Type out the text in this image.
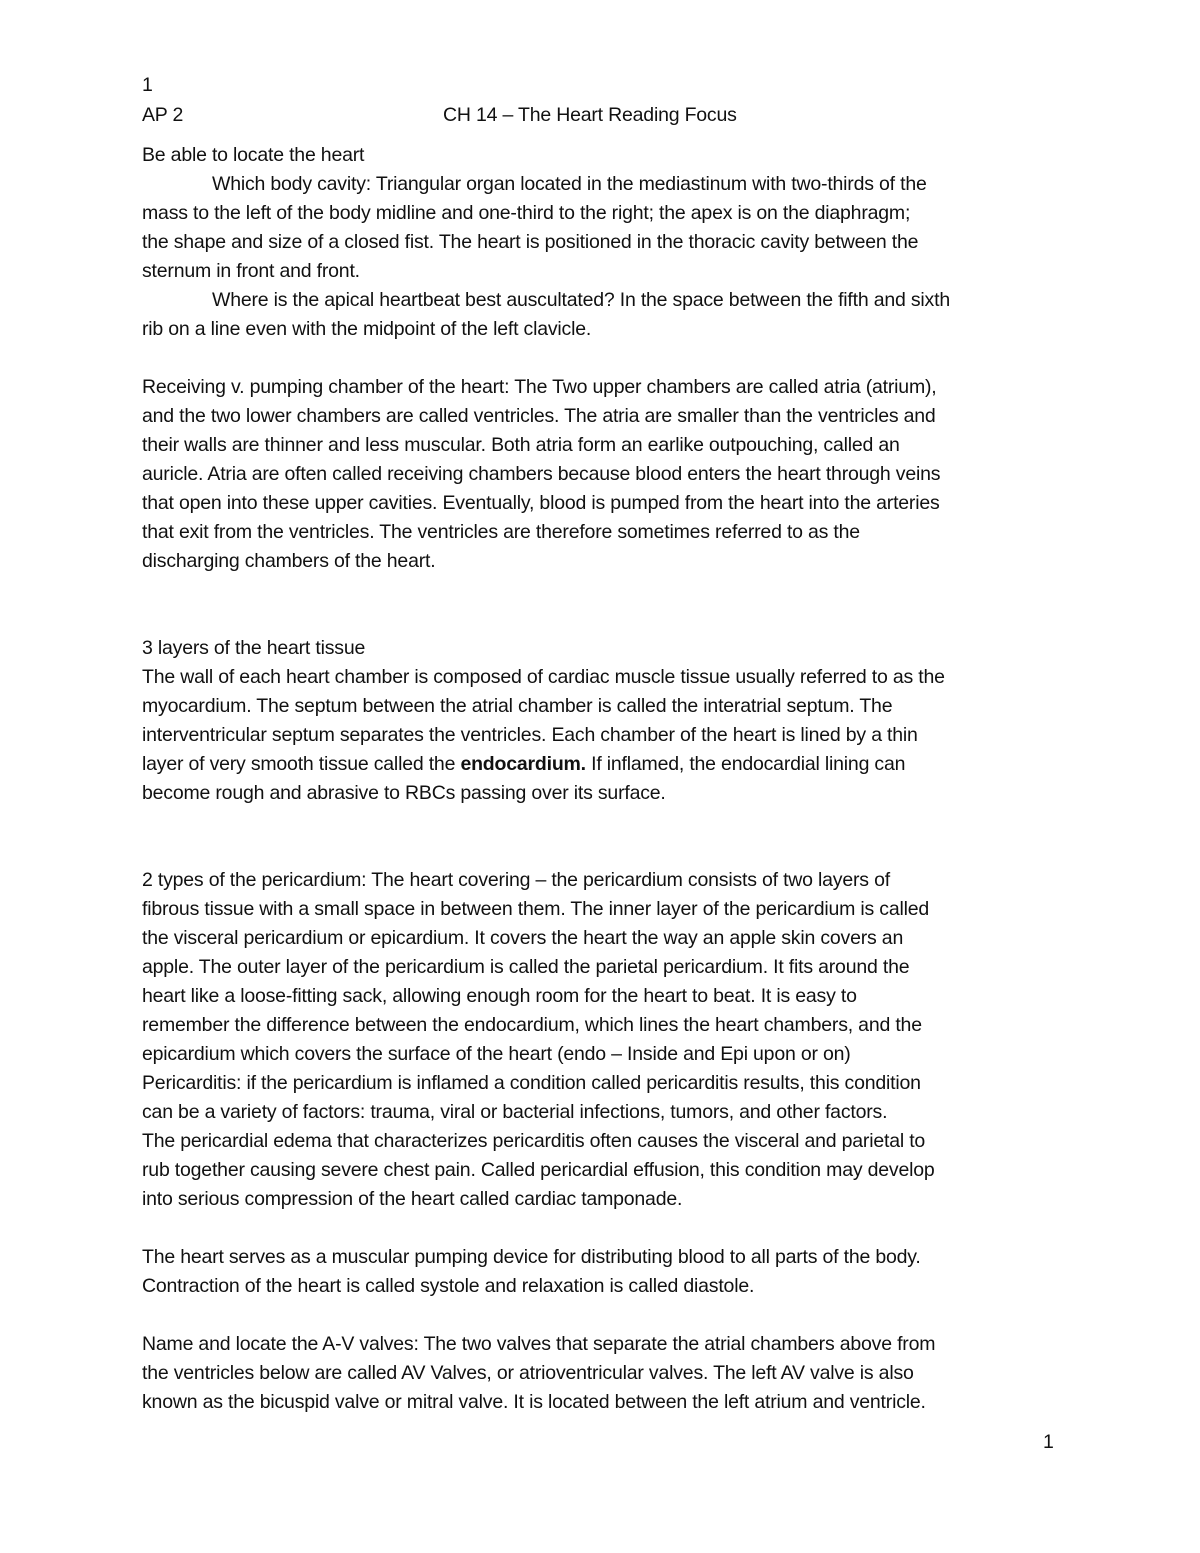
1
AP 2	CH 14 – The Heart Reading Focus
Be able to locate the heart
Which body cavity: Triangular organ located in the mediastinum with two-thirds of the
mass to the left of the body midline and one-third to the right; the apex is on the diaphragm;
the shape and size of a closed fist. The heart is positioned in the thoracic cavity between the
sternum in front and front.
Where is the apical heartbeat best auscultated? In the space between the fifth and sixth
rib on a line even with the midpoint of the left clavicle.
Receiving v. pumping chamber of the heart: The Two upper chambers are called atria (atrium),
and the two lower chambers are called ventricles. The atria are smaller than the ventricles and
their walls are thinner and less muscular. Both atria form an earlike outpouching, called an
auricle. Atria are often called receiving chambers because blood enters the heart through veins
that open into these upper cavities. Eventually, blood is pumped from the heart into the arteries
that exit from the ventricles. The ventricles are therefore sometimes referred to as the
discharging chambers of the heart.
3 layers of the heart tissue
The wall of each heart chamber is composed of cardiac muscle tissue usually referred to as the
myocardium. The septum between the atrial chamber is called the interatrial septum. The
interventricular septum separates the ventricles. Each chamber of the heart is lined by a thin
layer of very smooth tissue called the endocardium. If inflamed, the endocardial lining can
become rough and abrasive to RBCs passing over its surface.
2 types of the pericardium: The heart covering – the pericardium consists of two layers of
fibrous tissue with a small space in between them. The inner layer of the pericardium is called
the visceral pericardium or epicardium. It covers the heart the way an apple skin covers an
apple. The outer layer of the pericardium is called the parietal pericardium. It fits around the
heart like a loose-fitting sack, allowing enough room for the heart to beat. It is easy to
remember the difference between the endocardium, which lines the heart chambers, and the
epicardium which covers the surface of the heart (endo – Inside and Epi upon or on)
Pericarditis: if the pericardium is inflamed a condition called pericarditis results, this condition
can be a variety of factors: trauma, viral or bacterial infections, tumors, and other factors.
The pericardial edema that characterizes pericarditis often causes the visceral and parietal to
rub together causing severe chest pain. Called pericardial effusion, this condition may develop
into serious compression of the heart called cardiac tamponade.
The heart serves as a muscular pumping device for distributing blood to all parts of the body.
Contraction of the heart is called systole and relaxation is called diastole.
Name and locate the A-V valves: The two valves that separate the atrial chambers above from
the ventricles below are called AV Valves, or atrioventricular valves. The left AV valve is also
known as the bicuspid valve or mitral valve. It is located between the left atrium and ventricle.
1
